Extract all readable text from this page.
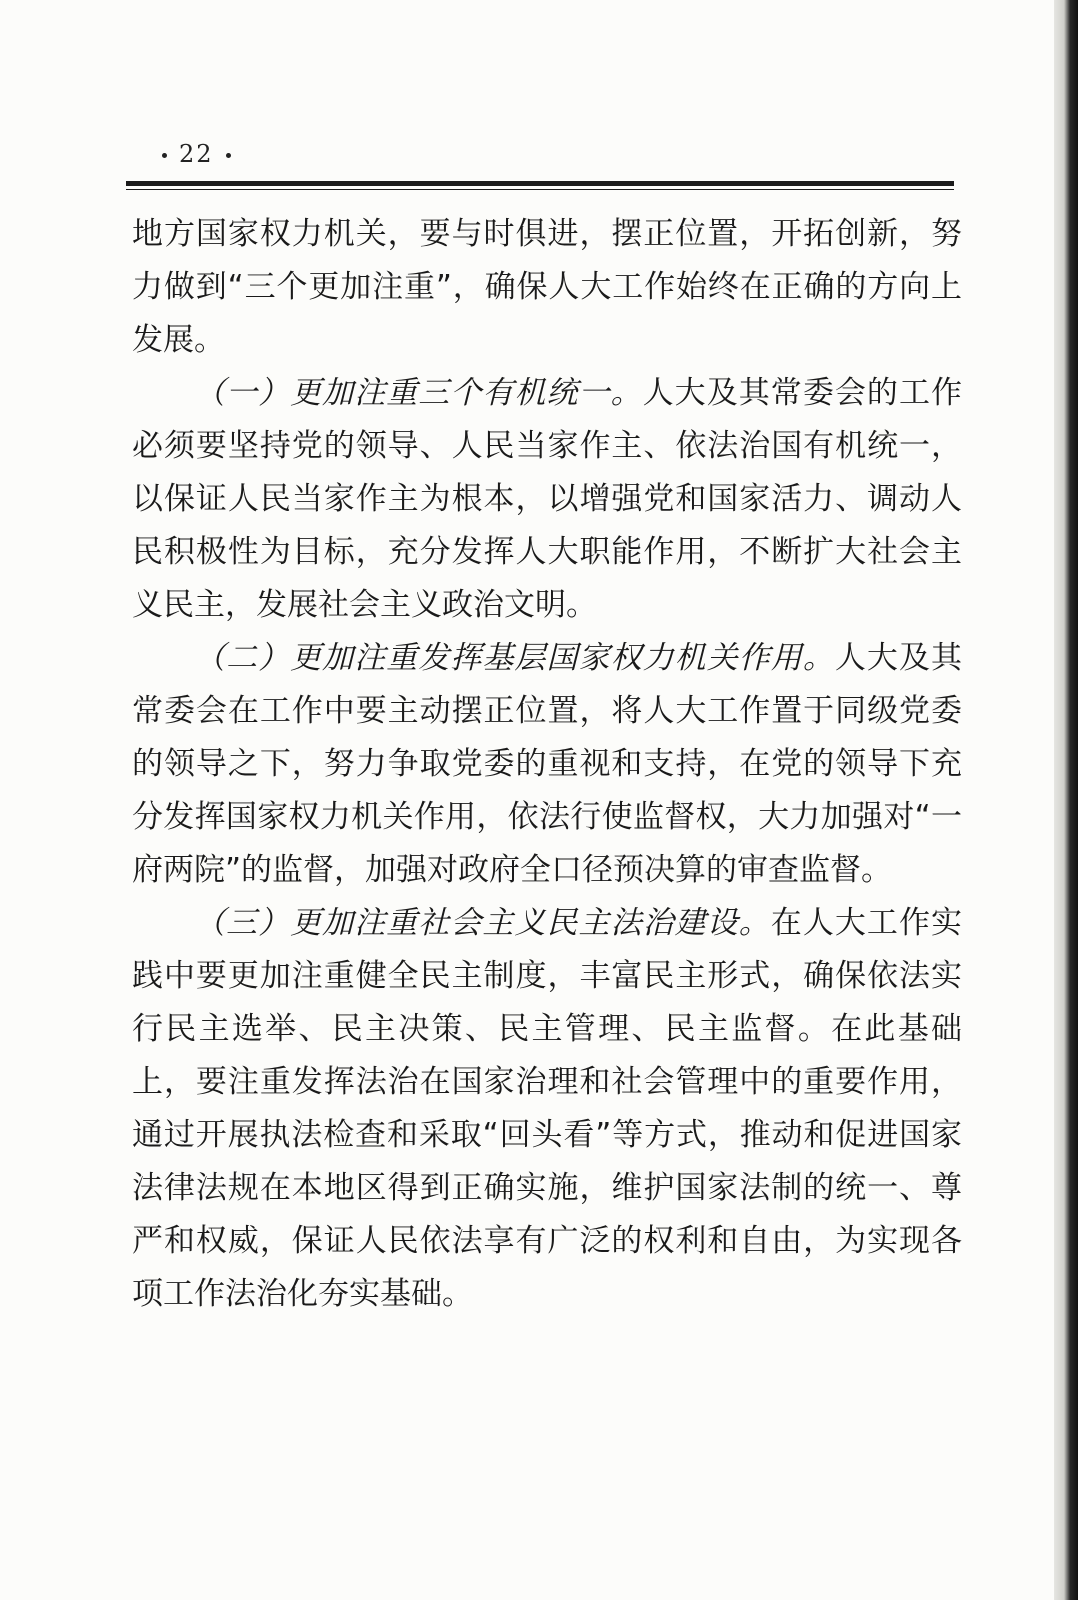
22

地方国家权力机关，要与时俱进，摆正位置，开拓创新，努力做到“三个更加注重”，确保人大工作始终在正确的方向上发展。

（一）更加注重三个有机统一。人大及其常委会的工作必须要坚持党的领导、人民当家作主、依法治国有机统一，以保证人民当家作主为根本，以增强党和国家活力、调动人民积极性为目标，充分发挥人大职能作用，不断扩大社会主义民主，发展社会主义政治文明。

（二）更加注重发挥基层国家权力机关作用。人大及其常委会在工作中要主动摆正位置，将人大工作置于同级党委的领导之下，努力争取党委的重视和支持，在党的领导下充分发挥国家权力机关作用，依法行使监督权，大力加强对“一府两院”的监督，加强对政府全口径预决算的审查监督。

（三）更加注重社会主义民主法治建设。在人大工作实践中要更加注重健全民主制度，丰富民主形式，确保依法实行民主选举、民主决策、民主管理、民主监督。在此基础上，要注重发挥法治在国家治理和社会管理中的重要作用，通过开展执法检查和采取“回头看”等方式，推动和促进国家法律法规在本地区得到正确实施，维护国家法制的统一、尊严和权威，保证人民依法享有广泛的权利和自由，为实现各项工作法治化夯实基础。
